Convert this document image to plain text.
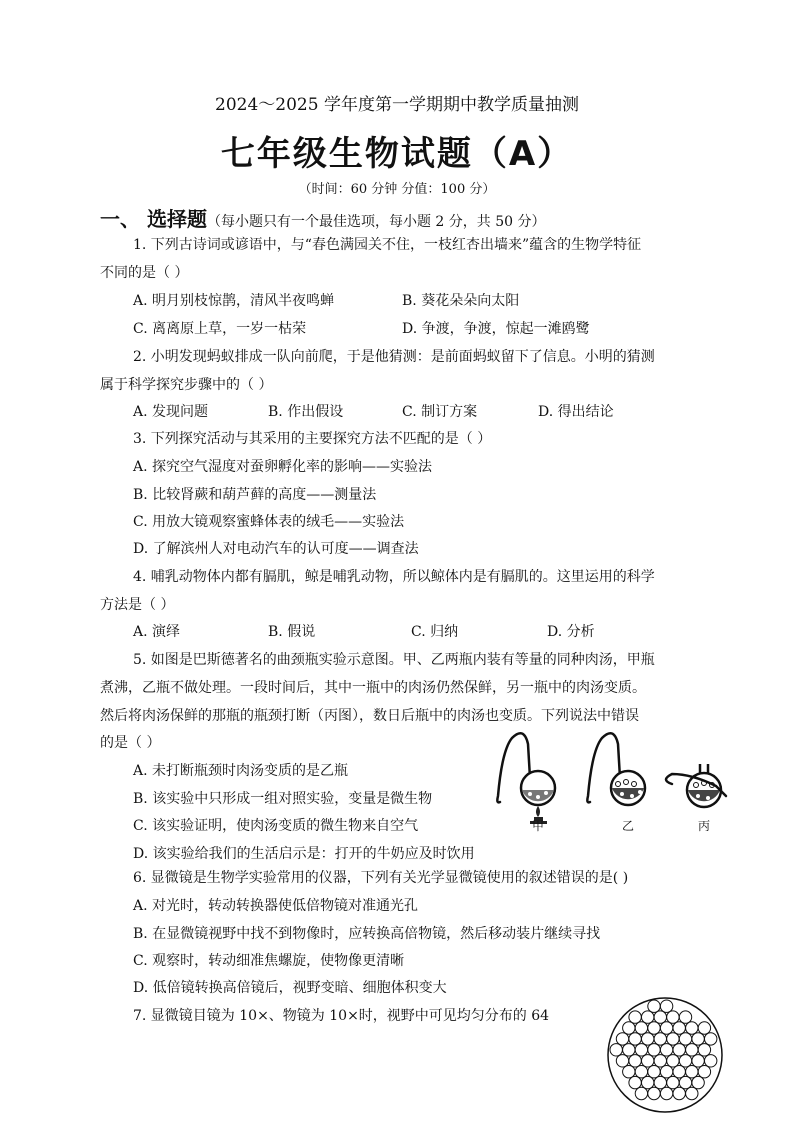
2024～2025 学年度第一学期期中教学质量抽测
七年级生物试题（A）
（时间：60 分钟 分值：100 分）
一、 选择题（每小题只有一个最佳选项，每小题 2 分，共 50 分）
1. 下列古诗词或谚语中，与“春色满园关不住，一枝红杏出墙来”蕴含的生物学特征
不同的是（ ）
A. 明月别枝惊鹊，清风半夜鸣蝉	B. 葵花朵朵向太阳
C. 离离原上草，一岁一枯荣	D. 争渡，争渡，惊起一滩鸥鹭
2. 小明发现蚂蚁排成一队向前爬，于是他猜测：是前面蚂蚁留下了信息。小明的猜测
属于科学探究步骤中的（ ）
A. 发现问题	B. 作出假设	C. 制订方案	D. 得出结论
3. 下列探究活动与其采用的主要探究方法不匹配的是（ ）
A. 探究空气湿度对蚕卵孵化率的影响——实验法
B. 比较肾蕨和葫芦藓的高度——测量法
C. 用放大镜观察蜜蜂体表的绒毛——实验法
D. 了解滨州人对电动汽车的认可度——调查法
4. 哺乳动物体内都有膈肌，鲸是哺乳动物，所以鲸体内是有膈肌的。这里运用的科学
方法是（ ）
A. 演绎	B. 假说	C. 归纳	D. 分析
5. 如图是巴斯德著名的曲颈瓶实验示意图。甲、乙两瓶内装有等量的同种肉汤，甲瓶
煮沸，乙瓶不做处理。一段时间后，其中一瓶中的肉汤仍然保鲜，另一瓶中的肉汤变质。
然后将肉汤保鲜的那瓶的瓶颈打断（丙图），数日后瓶中的肉汤也变质。下列说法中错误
的是（ ）
A. 未打断瓶颈时肉汤变质的是乙瓶
B. 该实验中只形成一组对照实验，变量是微生物
C. 该实验证明，使肉汤变质的微生物来自空气
D. 该实验给我们的生活启示是：打开的牛奶应及时饮用
甲	乙	丙
6. 显微镜是生物学实验常用的仪器，下列有关光学显微镜使用的叙述错误的是( )
A. 对光时，转动转换器使低倍物镜对准通光孔
B. 在显微镜视野中找不到物像时，应转换高倍物镜，然后移动装片继续寻找
C. 观察时，转动细准焦螺旋，使物像更清晰
D. 低倍镜转换高倍镜后，视野变暗、细胞体积变大
7. 显微镜目镜为 10×、物镜为 10×时，视野中可见均匀分布的 64
